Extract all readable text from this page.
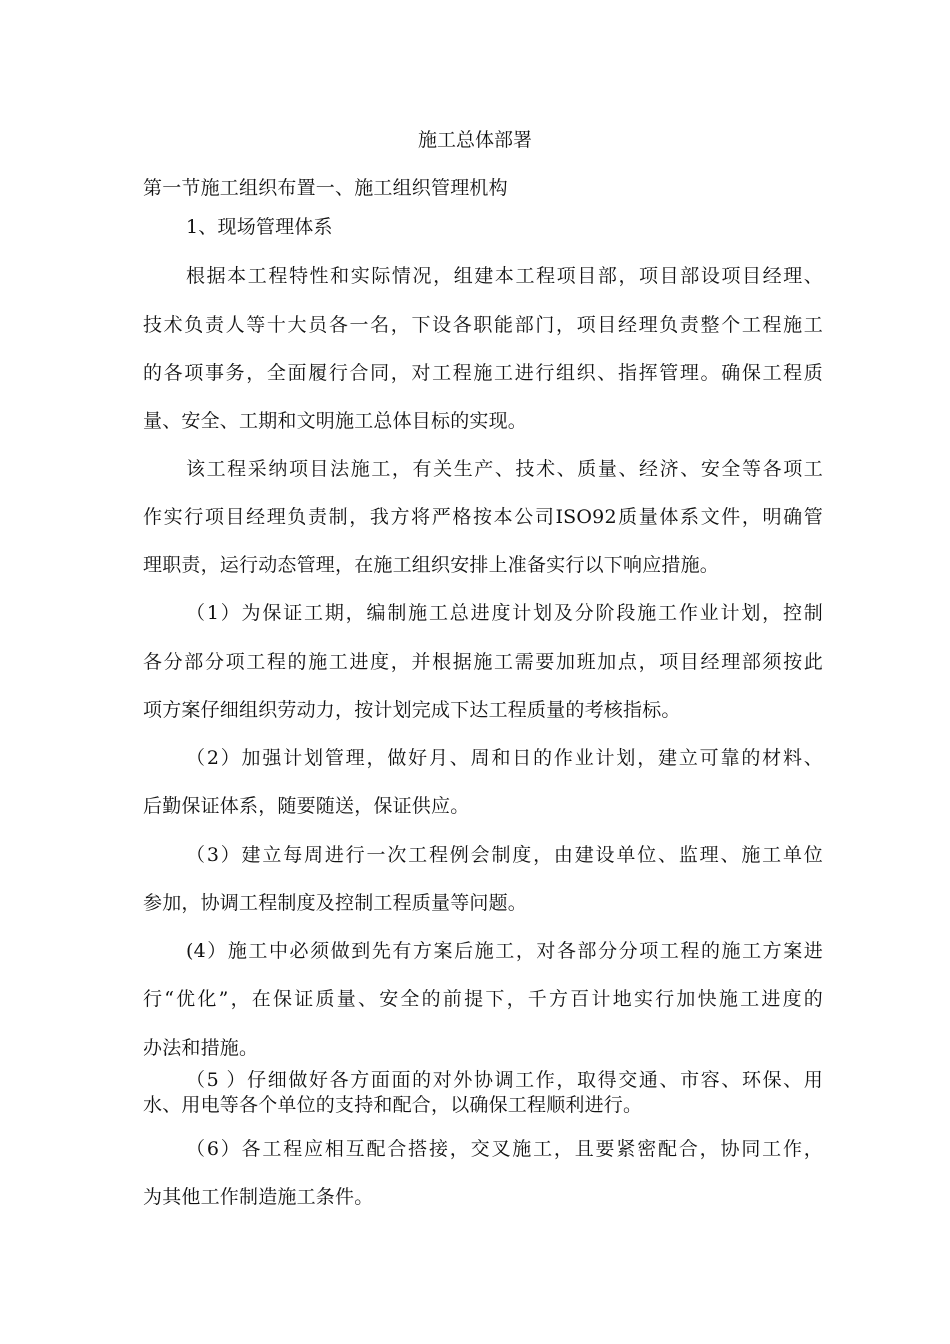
施工总体部署
第一节施工组织布置一、施工组织管理机构
1、现场管理体系
根据本工程特性和实际情况，组建本工程项目部，项目部设项目经理、
技术负责人等十大员各一名，下设各职能部门，项目经理负责整个工程施工
的各项事务，全面履行合同，对工程施工进行组织、指挥管理。确保工程质
量、安全、工期和文明施工总体目标的实现。
该工程采纳项目法施工，有关生产、技术、质量、经济、安全等各项工
作实行项目经理负责制，我方将严格按本公司ISO92质量体系文件，明确管
理职责，运行动态管理，在施工组织安排上准备实行以下响应措施。
（1）为保证工期，编制施工总进度计划及分阶段施工作业计划，控制
各分部分项工程的施工进度，并根据施工需要加班加点，项目经理部须按此
项方案仔细组织劳动力，按计划完成下达工程质量的考核指标。
（2）加强计划管理，做好月、周和日的作业计划，建立可靠的材料、
后勤保证体系，随要随送，保证供应。
（3）建立每周进行一次工程例会制度，由建设单位、监理、施工单位
参加，协调工程制度及控制工程质量等问题。
(4）施工中必须做到先有方案后施工，对各部分分项工程的施工方案进
行“优化”，在保证质量、安全的前提下，千方百计地实行加快施工进度的
办法和措施。
（5 ）仔细做好各方面面的对外协调工作，取得交通、市容、环保、用
水、用电等各个单位的支持和配合，以确保工程顺利进行。
（6）各工程应相互配合搭接，交叉施工，且要紧密配合，协同工作，
为其他工作制造施工条件。
